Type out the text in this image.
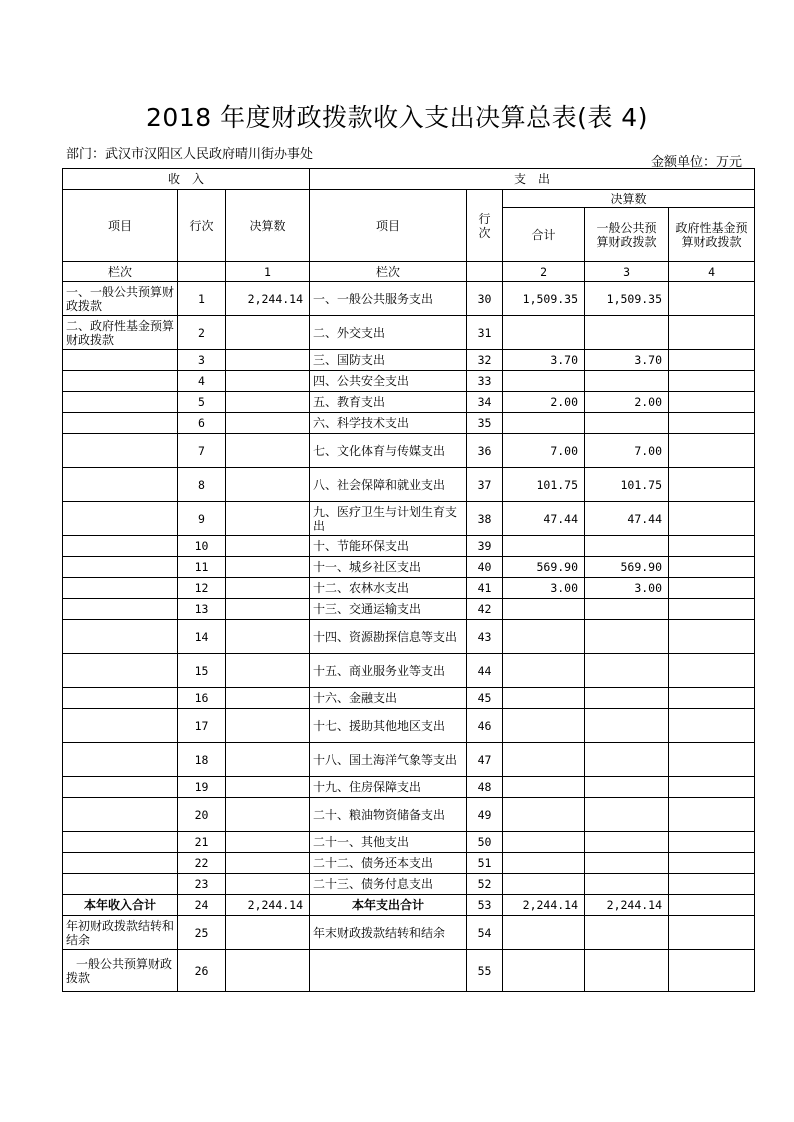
2018 年度财政拨款收入支出决算总表(表 4)
部门：武汉市汉阳区人民政府晴川街办事处
金额单位：万元
收　入			支　出				
项目	行次	决算数	项目	行次	决算数		
					合计	一般公共预算财政拨款	政府性基金预算财政拨款
栏次		1	栏次		2	3	4
一、一般公共预算财政拨款	1	2,244.14	一、一般公共服务支出	30	1,509.35	1,509.35	
二、政府性基金预算财政拨款	2		二、外交支出	31			
	3		三、国防支出	32	3.70	3.70	
	4		四、公共安全支出	33			
	5		五、教育支出	34	2.00	2.00	
	6		六、科学技术支出	35			
	7		七、文化体育与传媒支出	36	7.00	7.00	
	8		八、社会保障和就业支出	37	101.75	101.75	
	9		九、医疗卫生与计划生育支出	38	47.44	47.44	
	10		十、节能环保支出	39			
	11		十一、城乡社区支出	40	569.90	569.90	
	12		十二、农林水支出	41	3.00	3.00	
	13		十三、交通运输支出	42			
	14		十四、资源勘探信息等支出	43			
	15		十五、商业服务业等支出	44			
	16		十六、金融支出	45			
	17		十七、援助其他地区支出	46			
	18		十八、国土海洋气象等支出	47			
	19		十九、住房保障支出	48			
	20		二十、粮油物资储备支出	49			
	21		二十一、其他支出	50			
	22		二十二、债务还本支出	51			
	23		二十三、债务付息支出	52			
本年收入合计	24	2,244.14	本年支出合计	53	2,244.14	2,244.14	
年初财政拨款结转和结余	25		年末财政拨款结转和结余	54			
一般公共预算财政拨款	26			55			
